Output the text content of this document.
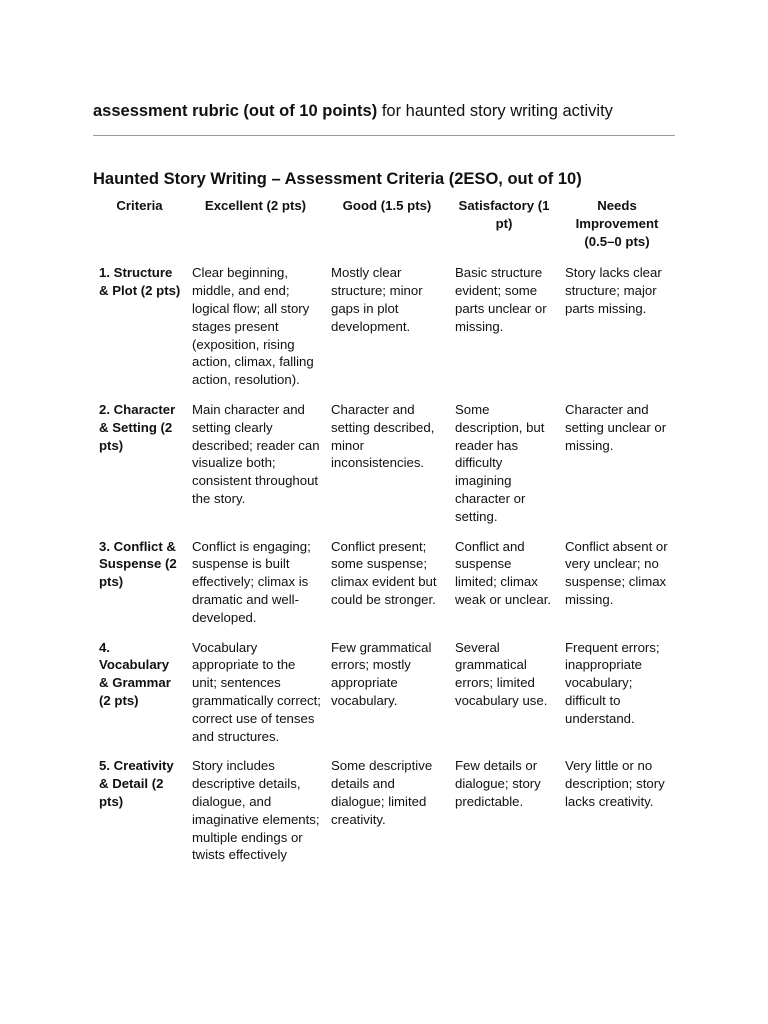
assessment rubric (out of 10 points) for haunted story writing activity
Haunted Story Writing – Assessment Criteria (2ESO, out of 10)
Criteria	Excellent (2 pts)	Good (1.5 pts)	Satisfactory (1 pt)	Needs Improvement (0.5–0 pts)
1. Structure & Plot (2 pts)	Clear beginning, middle, and end; logical flow; all story stages present (exposition, rising action, climax, falling action, resolution).	Mostly clear structure; minor gaps in plot development.	Basic structure evident; some parts unclear or missing.	Story lacks clear structure; major parts missing.
2. Character & Setting (2 pts)	Main character and setting clearly described; reader can visualize both; consistent throughout the story.	Character and setting described, minor inconsistencies.	Some description, but reader has difficulty imagining character or setting.	Character and setting unclear or missing.
3. Conflict & Suspense (2 pts)	Conflict is engaging; suspense is built effectively; climax is dramatic and well-developed.	Conflict present; some suspense; climax evident but could be stronger.	Conflict and suspense limited; climax weak or unclear.	Conflict absent or very unclear; no suspense; climax missing.
4. Vocabulary & Grammar (2 pts)	Vocabulary appropriate to the unit; sentences grammatically correct; correct use of tenses and structures.	Few grammatical errors; mostly appropriate vocabulary.	Several grammatical errors; limited vocabulary use.	Frequent errors; inappropriate vocabulary; difficult to understand.
5. Creativity & Detail (2 pts)	Story includes descriptive details, dialogue, and imaginative elements; multiple endings or twists effectively	Some descriptive details and dialogue; limited creativity.	Few details or dialogue; story predictable.	Very little or no description; story lacks creativity.
